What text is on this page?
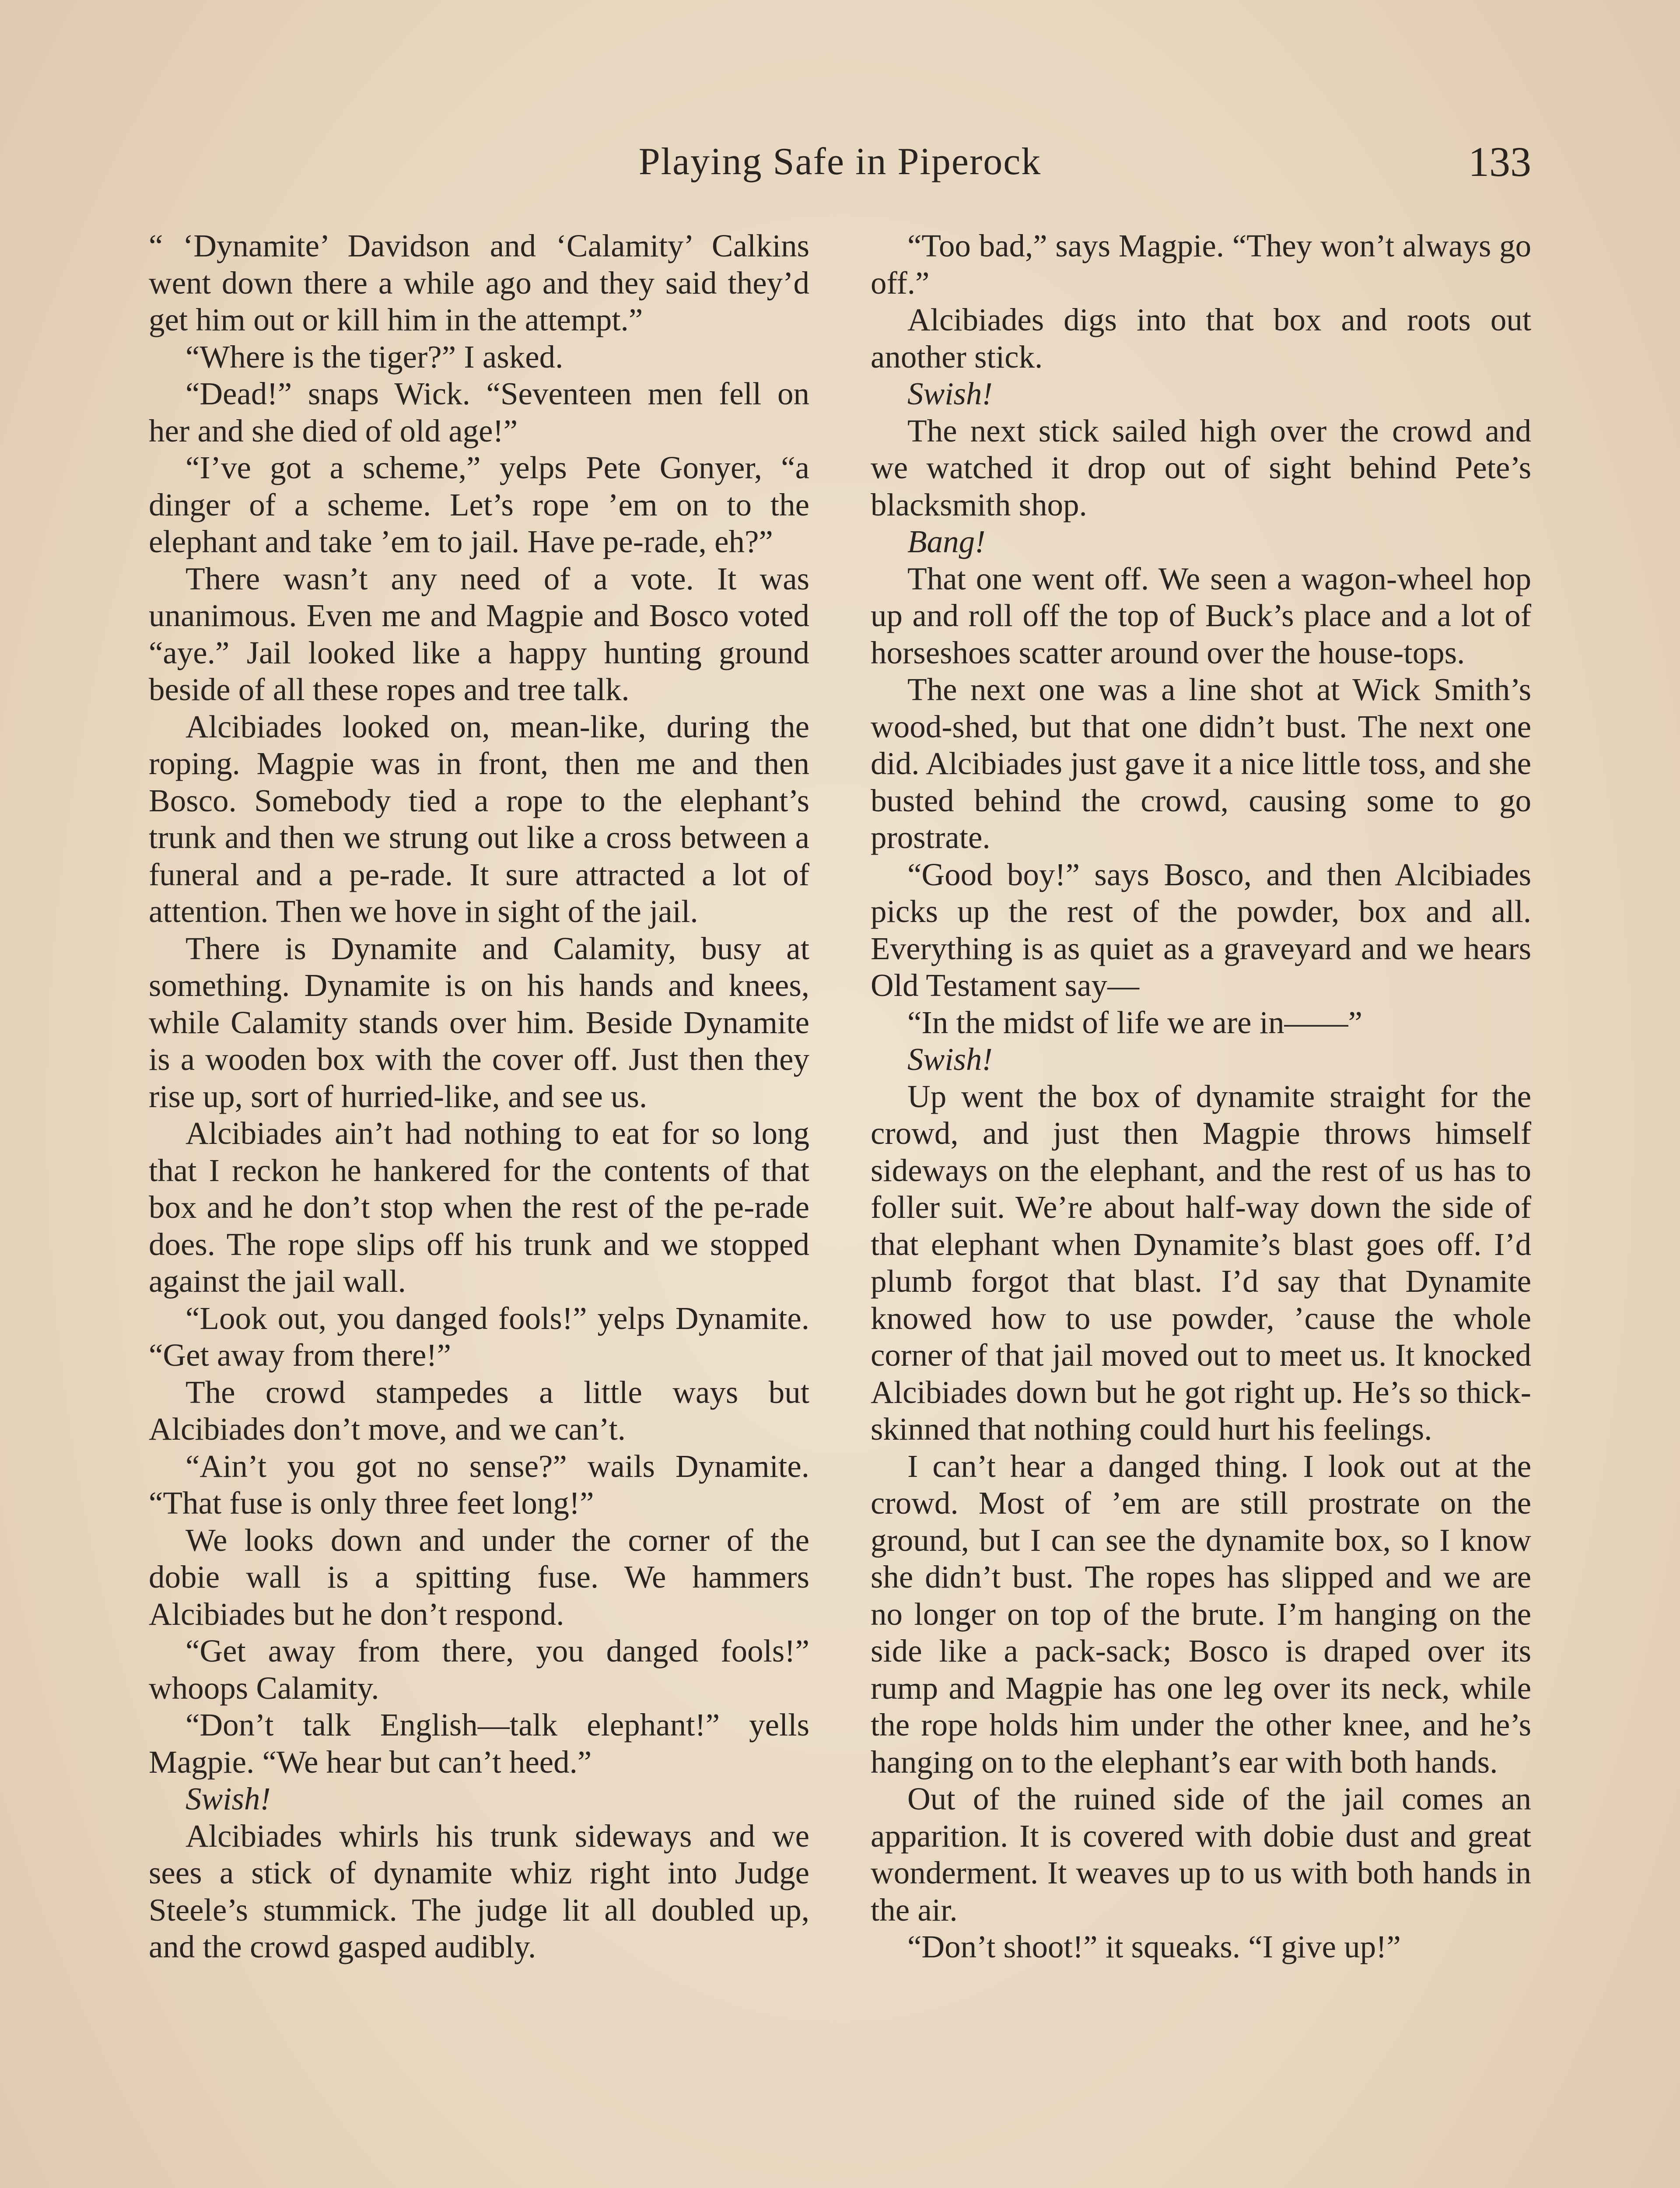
Playing Safe in Piperock	133

“ ‘Dynamite’ Davidson and ‘Calamity’ Calkins went down there a while ago and they said they’d get him out or kill him in the attempt.”

“Where is the tiger?” I asked.

“Dead!” snaps Wick. “Seventeen men fell on her and she died of old age!”

“I’ve got a scheme,” yelps Pete Gonyer, “a dinger of a scheme. Let’s rope ’em on to the elephant and take ’em to jail. Have pe-rade, eh?”

There wasn’t any need of a vote. It was unanimous. Even me and Magpie and Bosco voted “aye.” Jail looked like a happy hunting ground beside of all these ropes and tree talk.

Alcibiades looked on, mean-like, during the roping. Magpie was in front, then me and then Bosco. Somebody tied a rope to the elephant’s trunk and then we strung out like a cross between a funeral and a pe-rade. It sure attracted a lot of attention. Then we hove in sight of the jail.

There is Dynamite and Calamity, busy at something. Dynamite is on his hands and knees, while Calamity stands over him. Beside Dynamite is a wooden box with the cover off. Just then they rise up, sort of hurried-like, and see us.

Alcibiades ain’t had nothing to eat for so long that I reckon he hankered for the contents of that box and he don’t stop when the rest of the pe-rade does. The rope slips off his trunk and we stopped against the jail wall.

“Look out, you danged fools!” yelps Dynamite. “Get away from there!”

The crowd stampedes a little ways but Alcibiades don’t move, and we can’t.

“Ain’t you got no sense?” wails Dynamite. “That fuse is only three feet long!”

We looks down and under the corner of the dobie wall is a spitting fuse. We hammers Alcibiades but he don’t respond.

“Get away from there, you danged fools!” whoops Calamity.

“Don’t talk English—talk elephant!” yells Magpie. “We hear but can’t heed.”

Swish!

Alcibiades whirls his trunk sideways and we sees a stick of dynamite whiz right into Judge Steele’s stummick. The judge lit all doubled up, and the crowd gasped audibly.

“Too bad,” says Magpie. “They won’t always go off.”

Alcibiades digs into that box and roots out another stick.

Swish!

The next stick sailed high over the crowd and we watched it drop out of sight behind Pete’s blacksmith shop.

Bang!

That one went off. We seen a wagon-wheel hop up and roll off the top of Buck’s place and a lot of horseshoes scatter around over the house-tops.

The next one was a line shot at Wick Smith’s wood-shed, but that one didn’t bust. The next one did. Alcibiades just gave it a nice little toss, and she busted behind the crowd, causing some to go prostrate.

“Good boy!” says Bosco, and then Alcibiades picks up the rest of the powder, box and all. Everything is as quiet as a graveyard and we hears Old Testament say—

“In the midst of life we are in——”

Swish!

Up went the box of dynamite straight for the crowd, and just then Magpie throws himself sideways on the elephant, and the rest of us has to foller suit. We’re about half-way down the side of that elephant when Dynamite’s blast goes off. I’d plumb forgot that blast. I’d say that Dynamite knowed how to use powder, ’cause the whole corner of that jail moved out to meet us. It knocked Alcibiades down but he got right up. He’s so thick-skinned that nothing could hurt his feelings.

I can’t hear a danged thing. I look out at the crowd. Most of ’em are still prostrate on the ground, but I can see the dynamite box, so I know she didn’t bust. The ropes has slipped and we are no longer on top of the brute. I’m hanging on the side like a pack-sack; Bosco is draped over its rump and Magpie has one leg over its neck, while the rope holds him under the other knee, and he’s hanging on to the elephant’s ear with both hands.

Out of the ruined side of the jail comes an apparition. It is covered with dobie dust and great wonderment. It weaves up to us with both hands in the air.

“Don’t shoot!” it squeaks. “I give up!”
